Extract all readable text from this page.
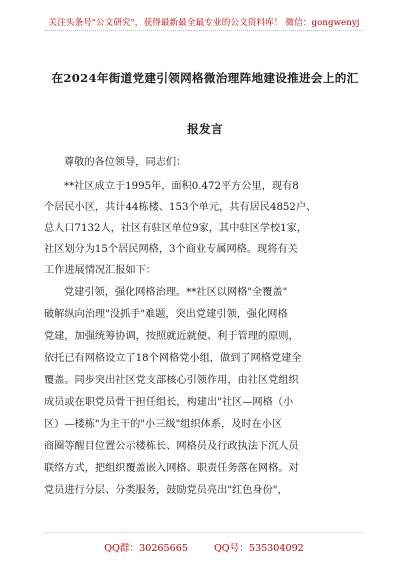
关注头条号"公文研究"，获得最新最全最专业的公文资料库！ 微信：gongwenyj
在2024年街道党建引领网格微治理阵地建设推进会上的汇
报发言
尊敬的各位领导，同志们：
**社区成立于1995年，面积0.472平方公里，现有8
个居民小区，共计44栋楼、153个单元，共有居民4852户、
总人口7132人，社区有驻区单位9家，其中驻区学校1家，
社区划分为15个居民网格，3个商业专属网格。现将有关
工作进展情况汇报如下：
党建引领，强化网格治理。**社区以网格"全覆盖"
破解纵向治理"没抓手"难题，突出党建引领，强化网格
党建，加强统筹协调，按照就近就便、利于管理的原则，
依托已有网格设立了18个网格党小组，做到了网格党建全
覆盖。同步突出社区党支部核心引领作用，由社区党组织
成员或在职党员骨干担任组长，构建出"社区—网格（小
区）—楼栋"为主干的"小三级"组织体系，及时在小区
商圈等醒目位置公示楼栋长、网格员及行政执法下沉人员
联络方式，把组织覆盖嵌入网格、职责任务落在网格。对
党员进行分层、分类服务，鼓励党员亮出"红色身份"，
QQ群：30265665	QQ号：535304092
